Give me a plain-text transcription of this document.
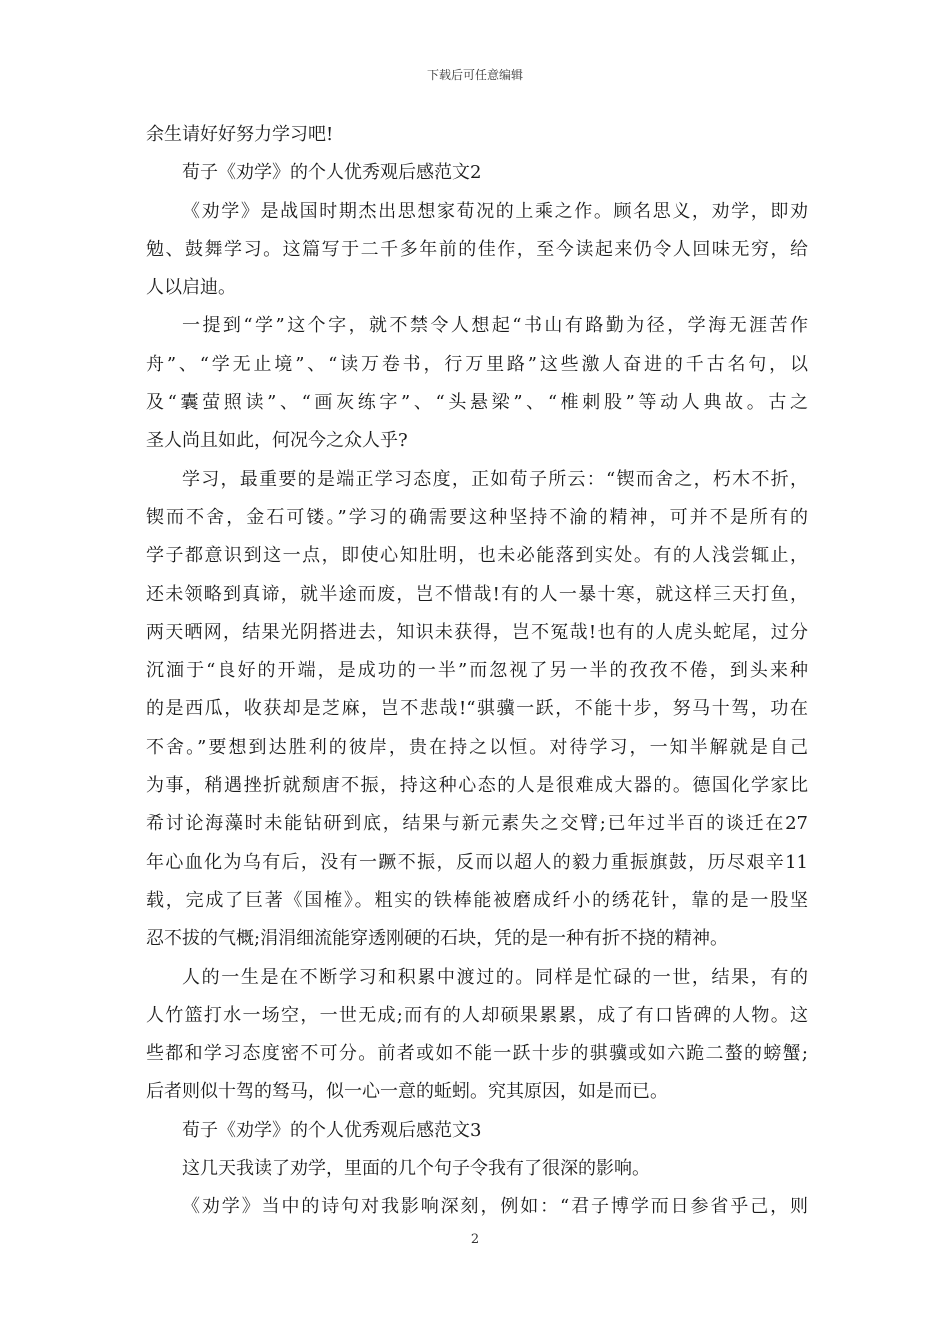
下载后可任意编辑
余生请好好努力学习吧!
荀子《劝学》的个人优秀观后感范文2
《劝学》是战国时期杰出思想家荀况的上乘之作。顾名思义，劝学，即劝
勉、鼓舞学习。这篇写于二千多年前的佳作，至今读起来仍令人回味无穷，给
人以启迪。
一提到“学”这个字，就不禁令人想起“书山有路勤为径，学海无涯苦作
舟”、“学无止境”、“读万卷书，行万里路”这些激人奋进的千古名句，以
及“囊萤照读”、“画灰练字”、“头悬梁”、“椎刺股”等动人典故。古之
圣人尚且如此，何况今之众人乎?
学习，最重要的是端正学习态度，正如荀子所云：“锲而舍之，朽木不折，
锲而不舍，金石可镂。”学习的确需要这种坚持不渝的精神，可并不是所有的
学子都意识到这一点，即使心知肚明，也未必能落到实处。有的人浅尝辄止，
还未领略到真谛，就半途而废，岂不惜哉!有的人一暴十寒，就这样三天打鱼，
两天晒网，结果光阴搭进去，知识未获得，岂不冤哉!也有的人虎头蛇尾，过分
沉湎于“良好的开端，是成功的一半”而忽视了另一半的孜孜不倦，到头来种
的是西瓜，收获却是芝麻，岂不悲哉!“骐骥一跃，不能十步，努马十驾，功在
不舍。”要想到达胜利的彼岸，贵在持之以恒。对待学习，一知半解就是自己
为事，稍遇挫折就颓唐不振，持这种心态的人是很难成大器的。德国化学家比
希讨论海藻时未能钻研到底，结果与新元素失之交臂;已年过半百的谈迁在27
年心血化为乌有后，没有一蹶不振，反而以超人的毅力重振旗鼓，历尽艰辛11
载，完成了巨著《国榷》。粗实的铁棒能被磨成纤小的绣花针，靠的是一股坚
忍不拔的气概;涓涓细流能穿透刚硬的石块，凭的是一种有折不挠的精神。
人的一生是在不断学习和积累中渡过的。同样是忙碌的一世，结果，有的
人竹篮打水一场空，一世无成;而有的人却硕果累累，成了有口皆碑的人物。这
些都和学习态度密不可分。前者或如不能一跃十步的骐骥或如六跪二螯的螃蟹;
后者则似十驾的驽马，似一心一意的蚯蚓。究其原因，如是而已。
荀子《劝学》的个人优秀观后感范文3
这几天我读了劝学，里面的几个句子令我有了很深的影响。
《劝学》当中的诗句对我影响深刻，例如：“君子博学而日参省乎己，则
2
